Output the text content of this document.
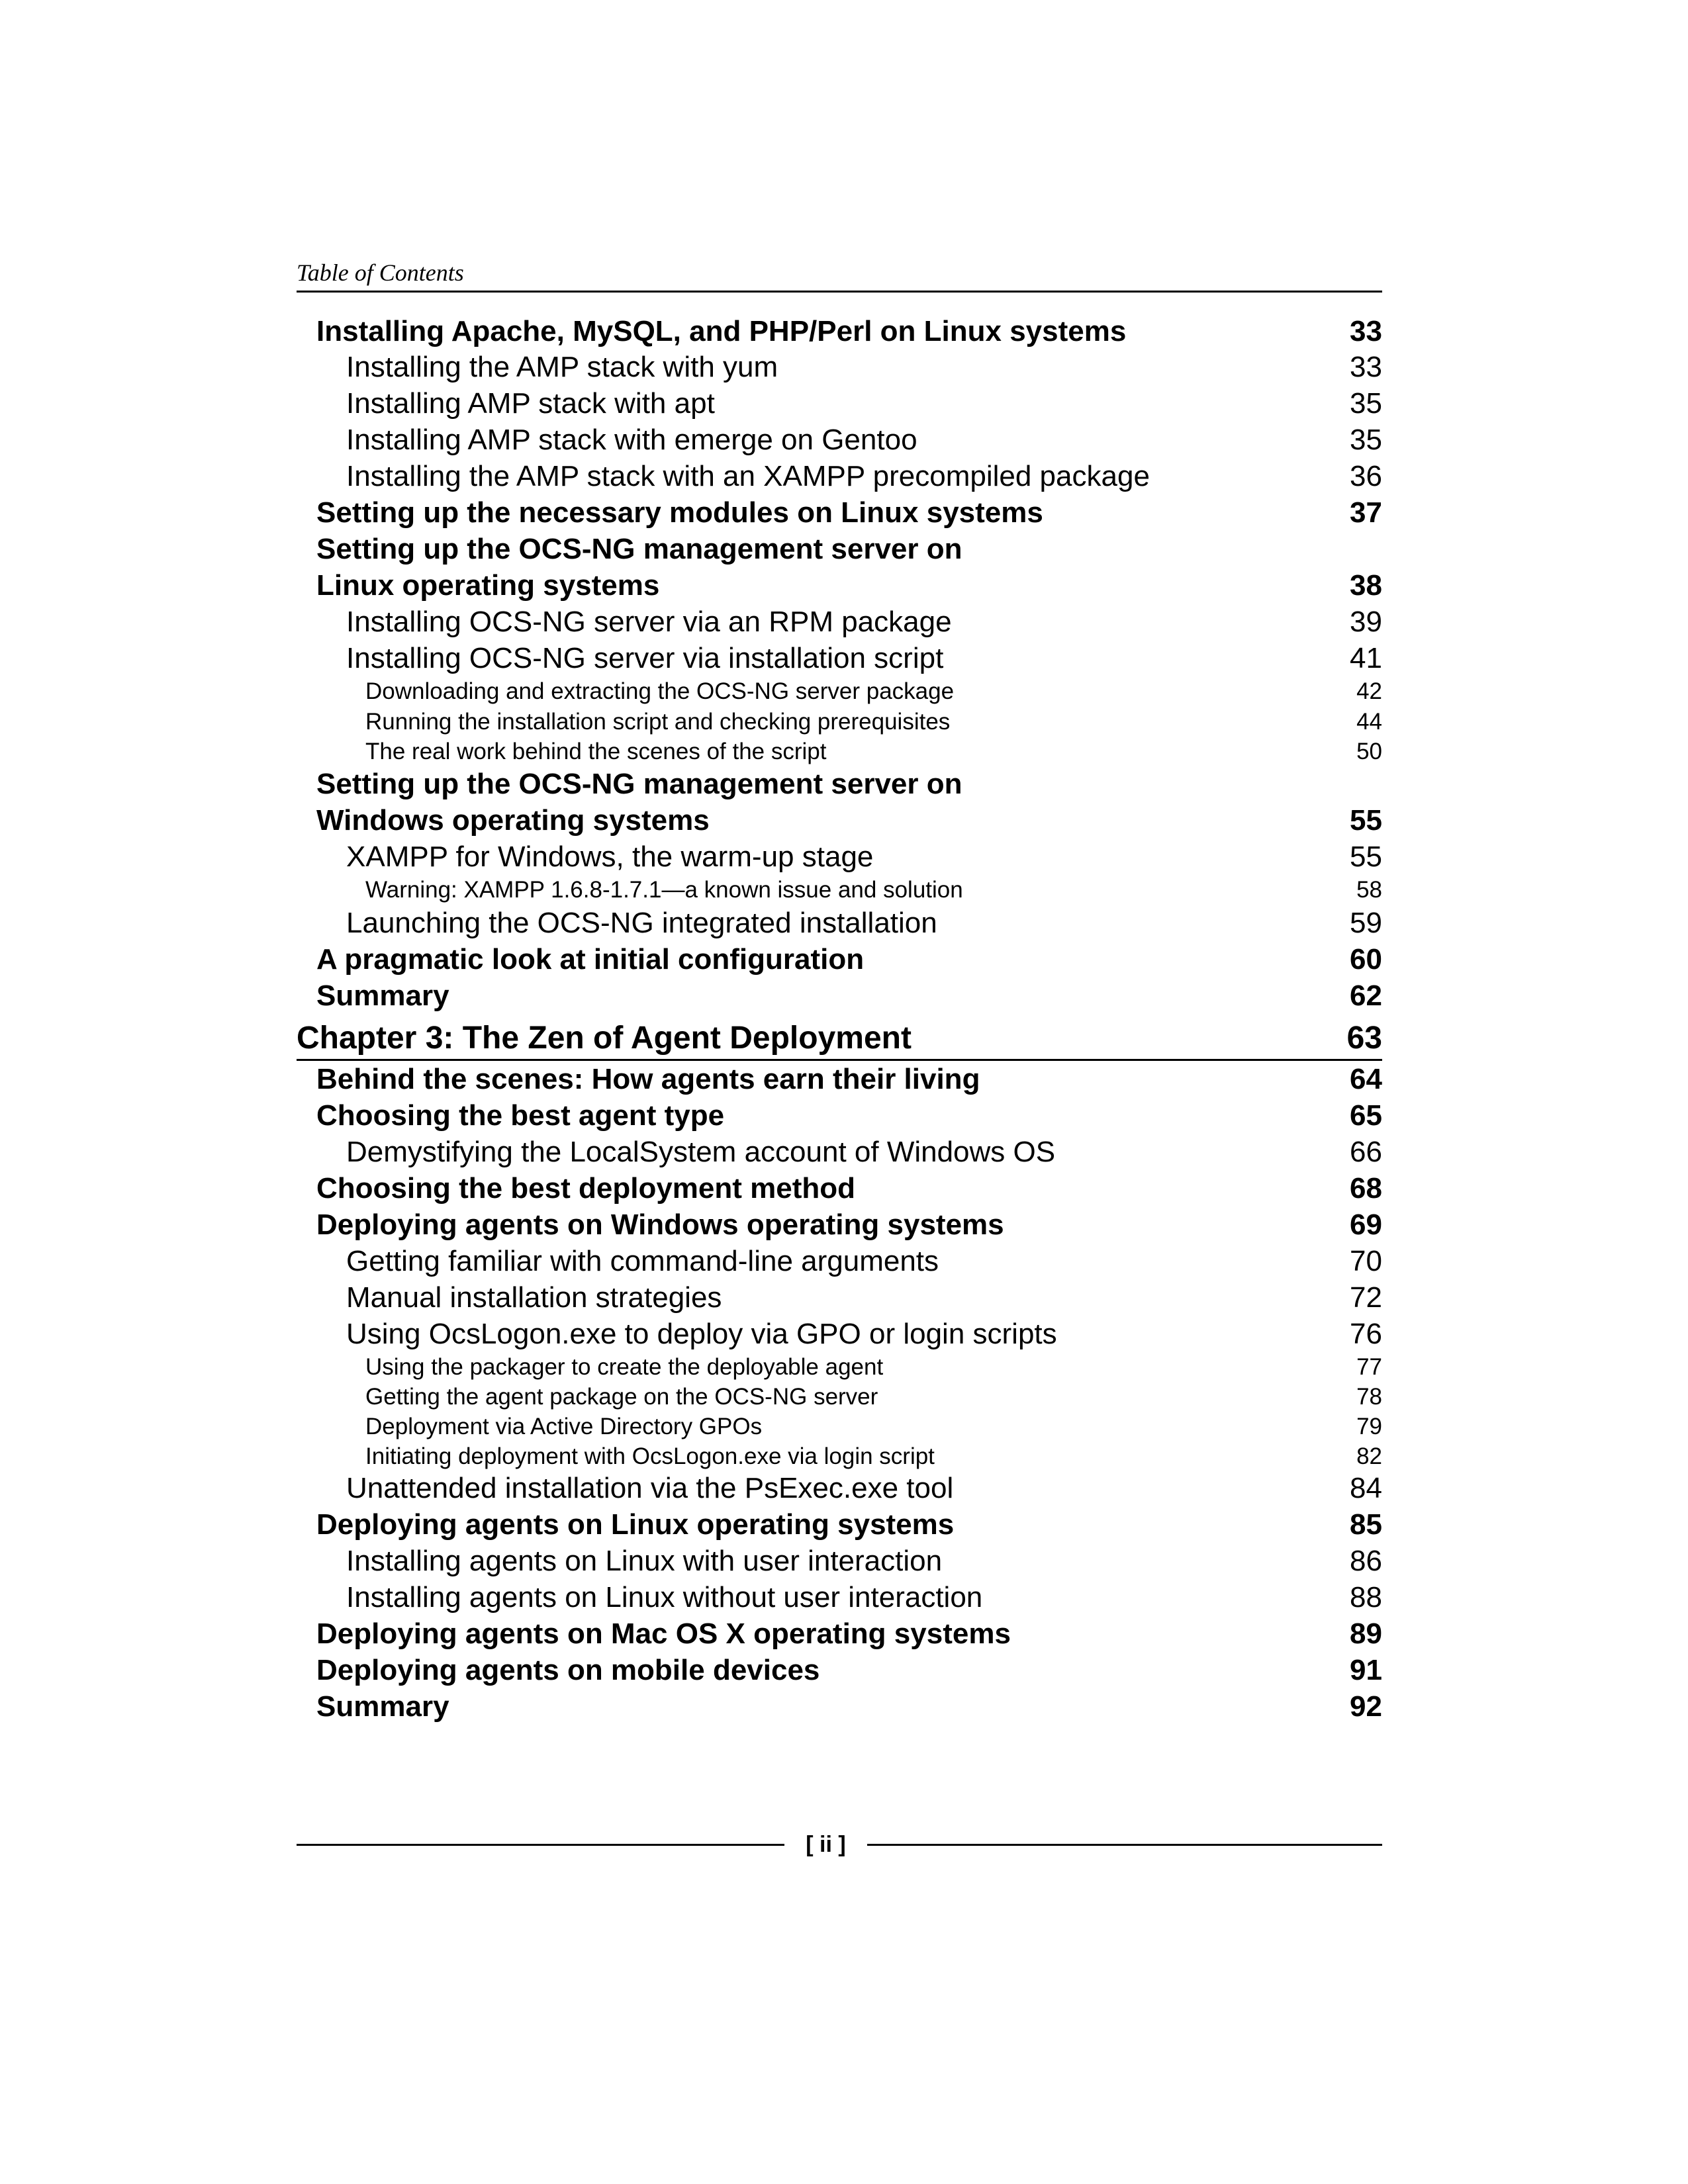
Table of Contents
Installing Apache, MySQL, and PHP/Perl on Linux systems	33
Installing the AMP stack with yum	33
Installing AMP stack with apt	35
Installing AMP stack with emerge on Gentoo	35
Installing the AMP stack with an XAMPP precompiled package	36
Setting up the necessary modules on Linux systems	37
Setting up the OCS-NG management server on
Linux operating systems	38
Installing OCS-NG server via an RPM package	39
Installing OCS-NG server via installation script	41
Downloading and extracting the OCS-NG server package	42
Running the installation script and checking prerequisites	44
The real work behind the scenes of the script	50
Setting up the OCS-NG management server on
Windows operating systems	55
XAMPP for Windows, the warm-up stage	55
Warning: XAMPP 1.6.8-1.7.1—a known issue and solution	58
Launching the OCS-NG integrated installation	59
A pragmatic look at initial configuration	60
Summary	62
Chapter 3: The Zen of Agent Deployment	63
Behind the scenes: How agents earn their living	64
Choosing the best agent type	65
Demystifying the LocalSystem account of Windows OS	66
Choosing the best deployment method	68
Deploying agents on Windows operating systems	69
Getting familiar with command-line arguments	70
Manual installation strategies	72
Using OcsLogon.exe to deploy via GPO or login scripts	76
Using the packager to create the deployable agent	77
Getting the agent package on the OCS-NG server	78
Deployment via Active Directory GPOs	79
Initiating deployment with OcsLogon.exe via login script	82
Unattended installation via the PsExec.exe tool	84
Deploying agents on Linux operating systems	85
Installing agents on Linux with user interaction	86
Installing agents on Linux without user interaction	88
Deploying agents on Mac OS X operating systems	89
Deploying agents on mobile devices	91
Summary	92
[ ii ]
